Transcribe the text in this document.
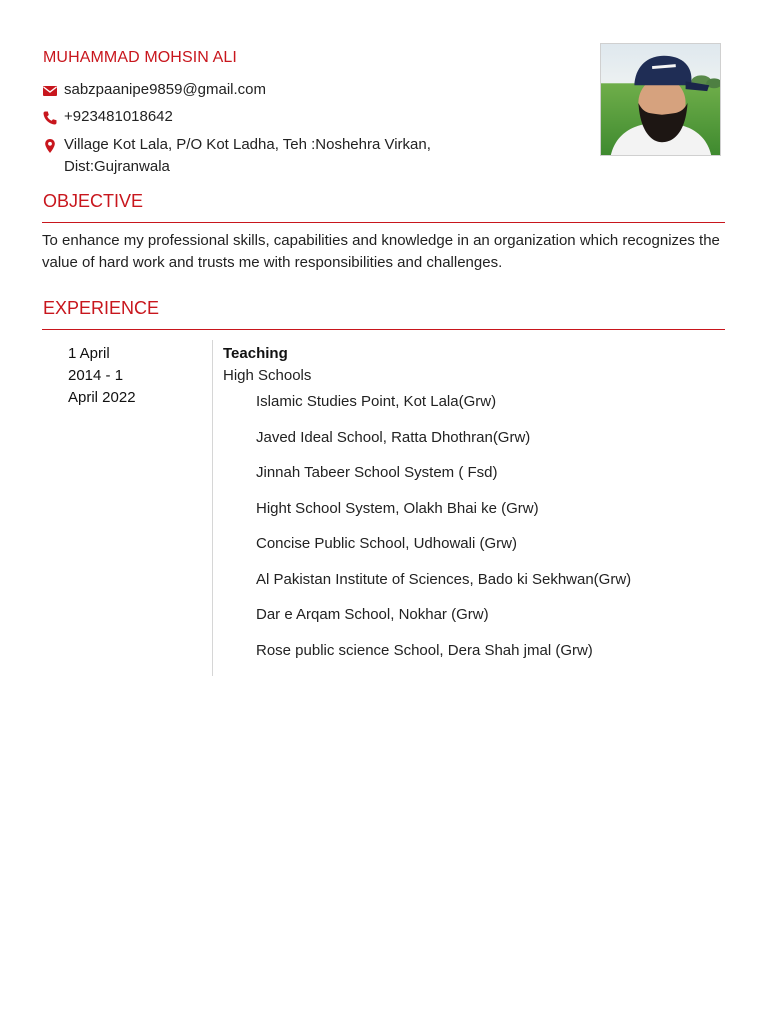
MUHAMMAD MOHSIN ALI
sabzpaanipe9859@gmail.com
+923481018642
Village Kot Lala, P/O Kot Ladha, Teh :Noshehra Virkan,
Dist:Gujranwala
OBJECTIVE
To enhance my professional skills, capabilities and knowledge in an organization which recognizes the value of hard work and trusts me with responsibilities and challenges.
EXPERIENCE
1 April
2014 - 1
April 2022
Teaching
High Schools
Islamic Studies Point, Kot Lala(Grw)
Javed Ideal School, Ratta Dhothran(Grw)
Jinnah Tabeer School System ( Fsd)
Hight School System, Olakh Bhai ke (Grw)
Concise Public School, Udhowali (Grw)
Al Pakistan Institute of Sciences, Bado ki Sekhwan(Grw)
Dar e Arqam School, Nokhar (Grw)
Rose public science School, Dera Shah jmal (Grw)
